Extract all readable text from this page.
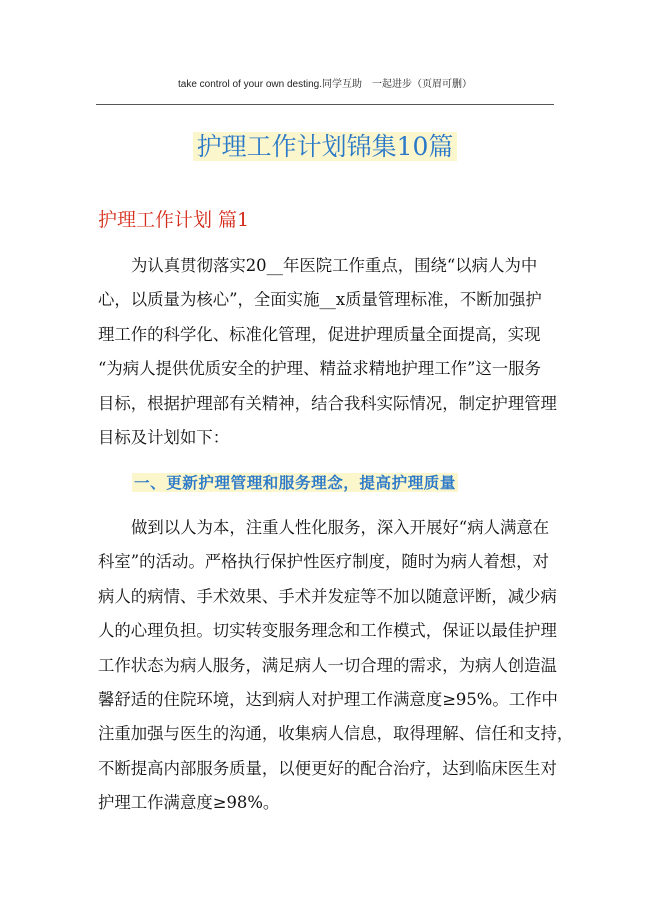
take control of your own desting.同学互助　一起进步（页眉可删）
护理工作计划锦集10篇
护理工作计划 篇1
为认真贯彻落实20__年医院工作重点，围绕“以病人为中
心，以质量为核心”，全面实施__x质量管理标准，不断加强护
理工作的科学化、标准化管理，促进护理质量全面提高，实现
“为病人提供优质安全的护理、精益求精地护理工作”这一服务
目标，根据护理部有关精神，结合我科实际情况，制定护理管理
目标及计划如下：
一、更新护理管理和服务理念，提高护理质量
做到以人为本，注重人性化服务，深入开展好“病人满意在
科室”的活动。严格执行保护性医疗制度，随时为病人着想，对
病人的病情、手术效果、手术并发症等不加以随意评断，减少病
人的心理负担。切实转变服务理念和工作模式，保证以最佳护理
工作状态为病人服务，满足病人一切合理的需求，为病人创造温
馨舒适的住院环境，达到病人对护理工作满意度≥95%。工作中
注重加强与医生的沟通，收集病人信息，取得理解、信任和支持，
不断提高内部服务质量，以便更好的配合治疗，达到临床医生对
护理工作满意度≥98%。
